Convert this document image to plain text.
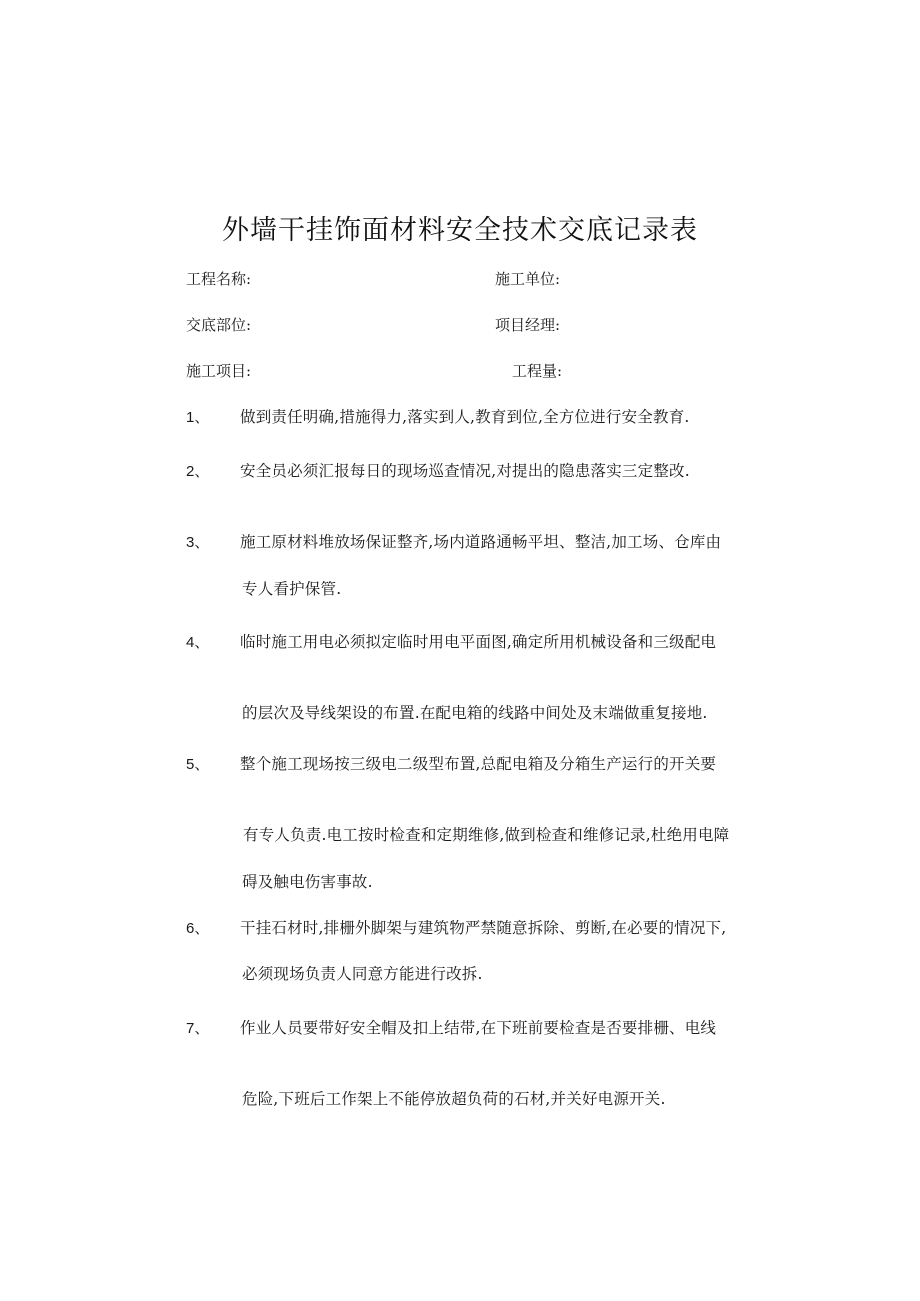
外墙干挂饰面材料安全技术交底记录表
工程名称:	施工单位:
交底部位:	项目经理:
施工项目:	工程量:
1、 做到责任明确,措施得力,落实到人,教育到位,全方位进行安全教育.
2、 安全员必须汇报每日的现场巡查情况,对提出的隐患落实三定整改.
3、 施工原材料堆放场保证整齐,场内道路通畅平坦、整洁,加工场、仓库由
专人看护保管.
4、 临时施工用电必须拟定临时用电平面图,确定所用机械设备和三级配电
的层次及导线架设的布置.在配电箱的线路中间处及末端做重复接地.
5、 整个施工现场按三级电二级型布置,总配电箱及分箱生产运行的开关要
有专人负责.电工按时检查和定期维修,做到检查和维修记录,杜绝用电障
碍及触电伤害事故.
6、 干挂石材时,排栅外脚架与建筑物严禁随意拆除、剪断,在必要的情况下,
必须现场负责人同意方能进行改拆.
7、 作业人员要带好安全帽及扣上结带,在下班前要检查是否要排栅、电线
危险,下班后工作架上不能停放超负荷的石材,并关好电源开关.
